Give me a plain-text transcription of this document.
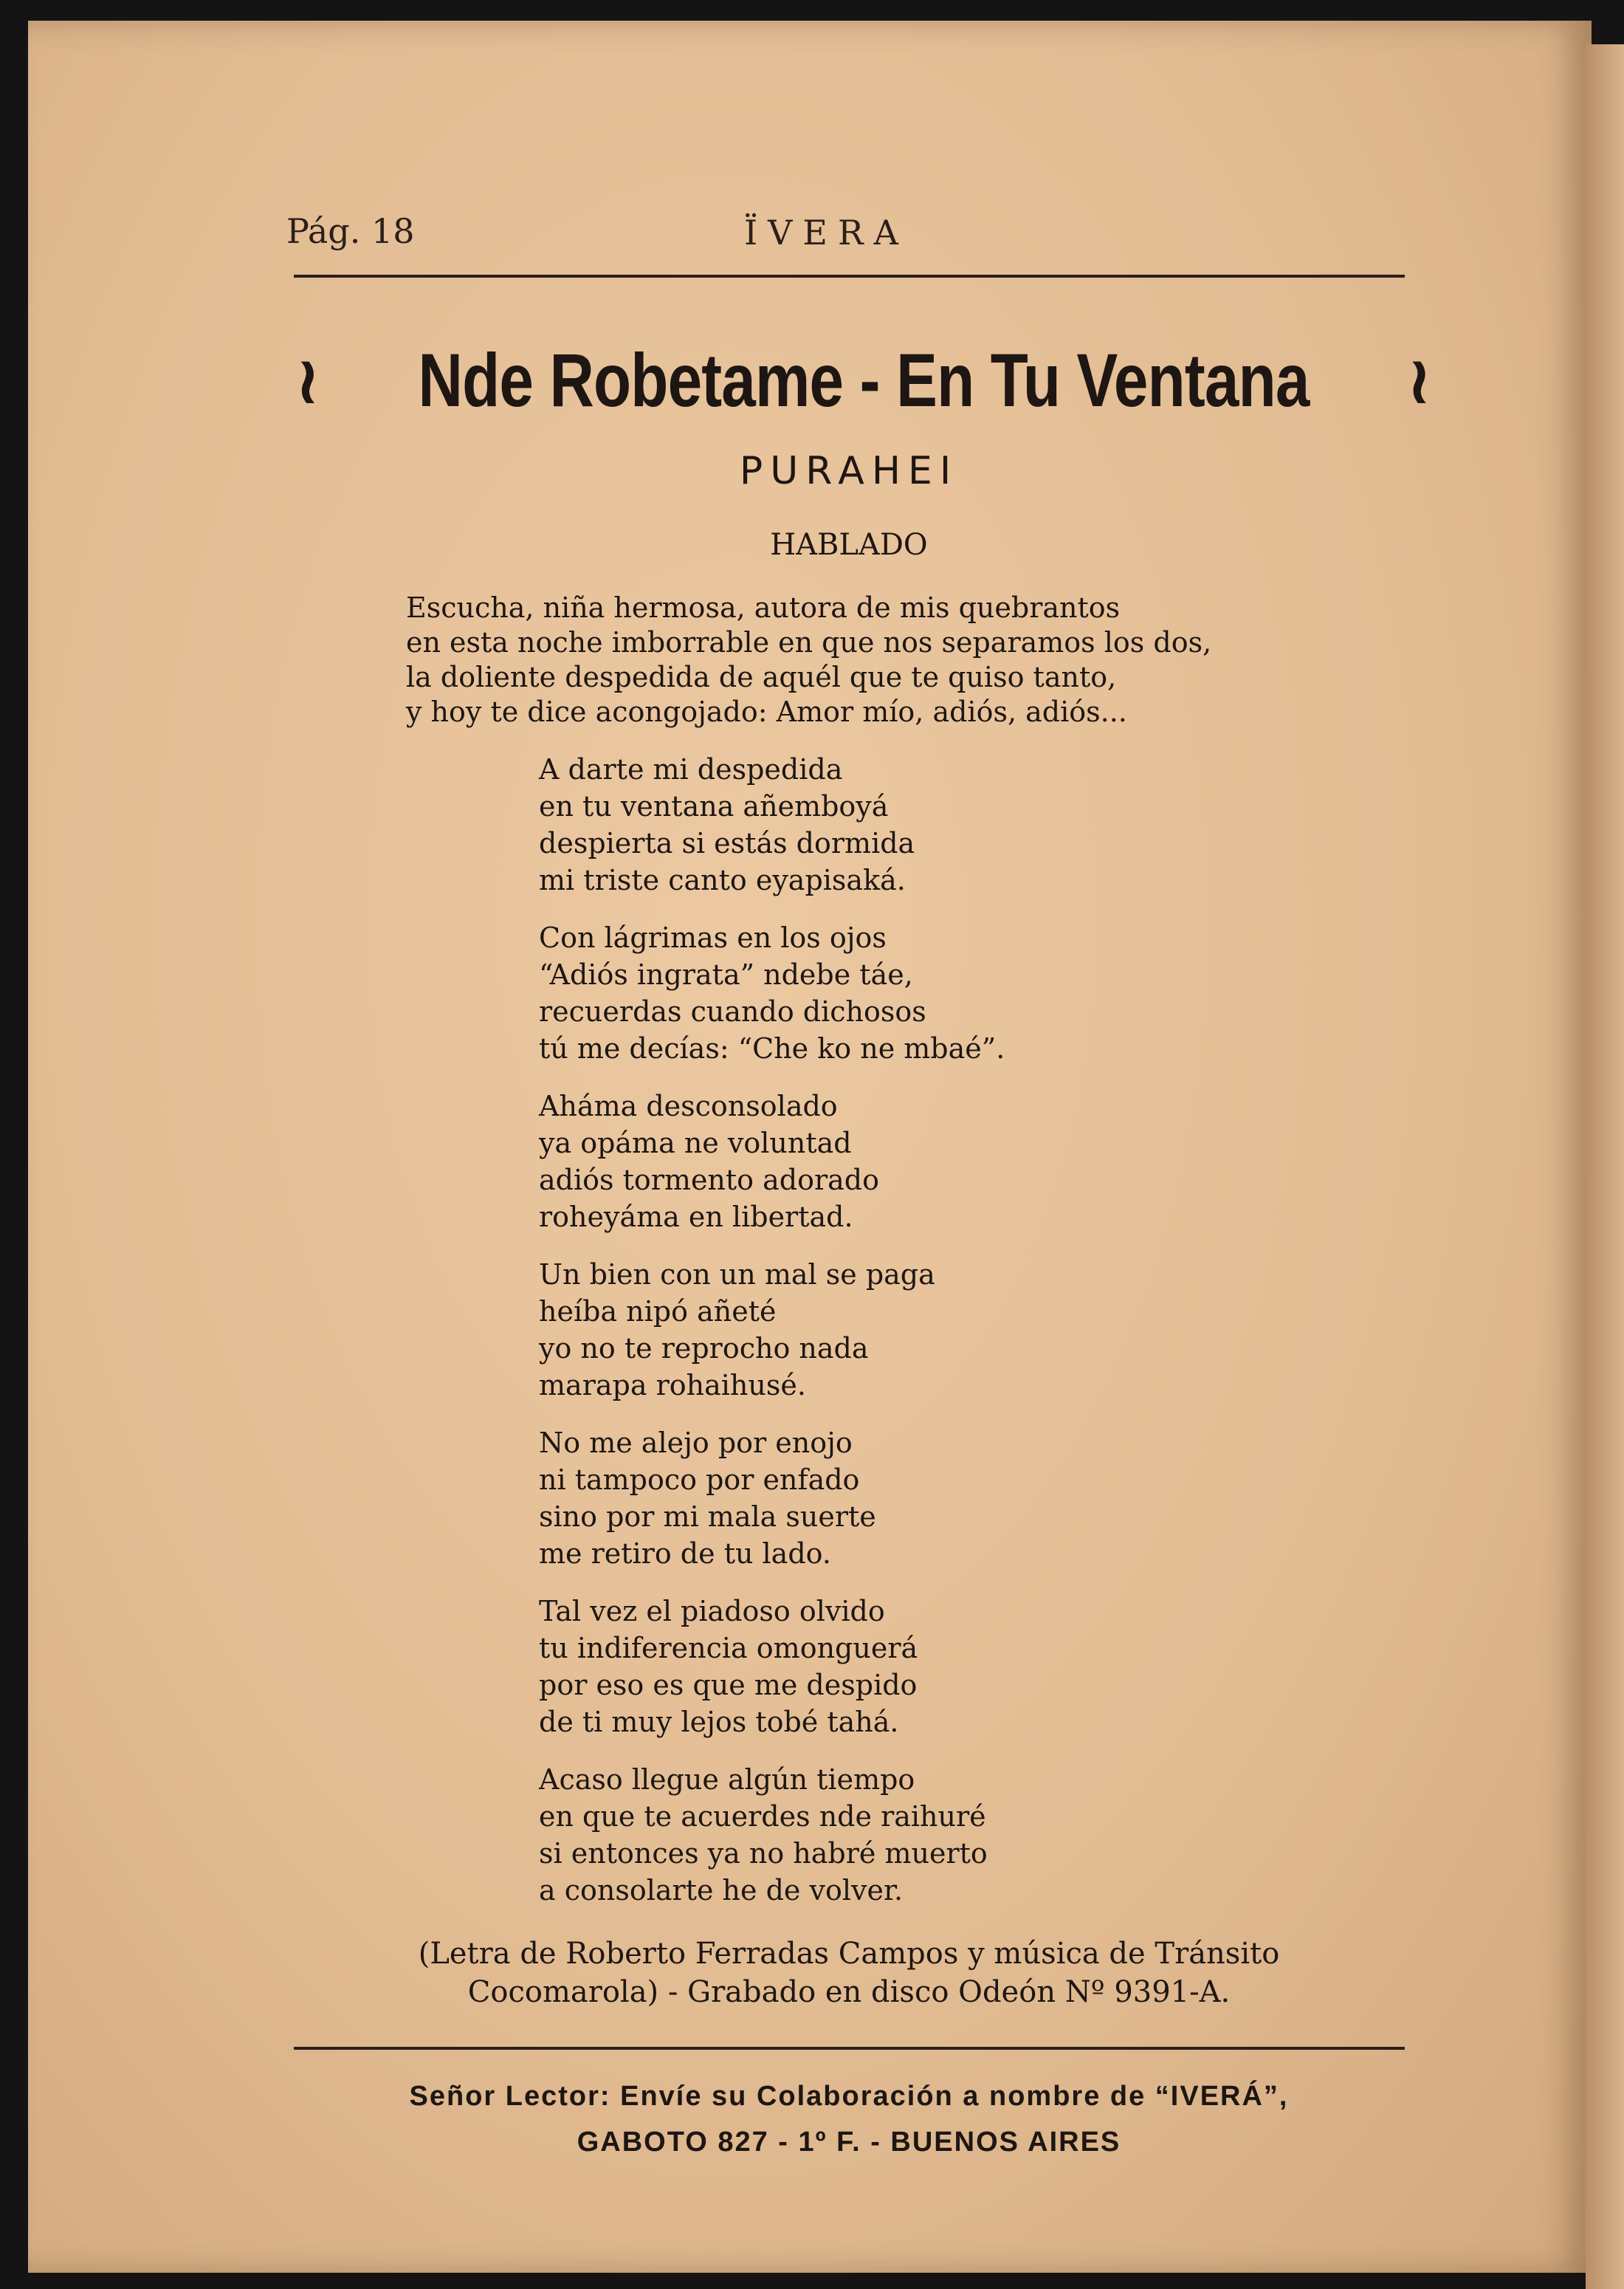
Pág. 18	ÏVERA
≀ Nde Robetame - En Tu Ventana ≀
PURAHEI
HABLADO
Escucha, niña hermosa, autora de mis quebrantos
en esta noche imborrable en que nos separamos los dos,
la doliente despedida de aquél que te quiso tanto,
y hoy te dice acongojado: Amor mío, adiós, adiós...
A darte mi despedida
en tu ventana añemboyá
despierta si estás dormida
mi triste canto eyapisaká.
Con lágrimas en los ojos
“Adiós ingrata” ndebe táe,
recuerdas cuando dichosos
tú me decías: “Che ko ne mbaé”.
Aháma desconsolado
ya opáma ne voluntad
adiós tormento adorado
roheyáma en libertad.
Un bien con un mal se paga
heíba nipó añeté
yo no te reprocho nada
marapa rohaihusé.
No me alejo por enojo
ni tampoco por enfado
sino por mi mala suerte
me retiro de tu lado.
Tal vez el piadoso olvido
tu indiferencia omonguerá
por eso es que me despido
de ti muy lejos tobé tahá.
Acaso llegue algún tiempo
en que te acuerdes nde raihuré
si entonces ya no habré muerto
a consolarte he de volver.
(Letra de Roberto Ferradas Campos y música de Tránsito
Cocomarola) - Grabado en disco Odeón Nº 9391-A.
Señor Lector: Envíe su Colaboración a nombre de “IVERÁ”,
GABOTO 827 - 1º F. - BUENOS AIRES
